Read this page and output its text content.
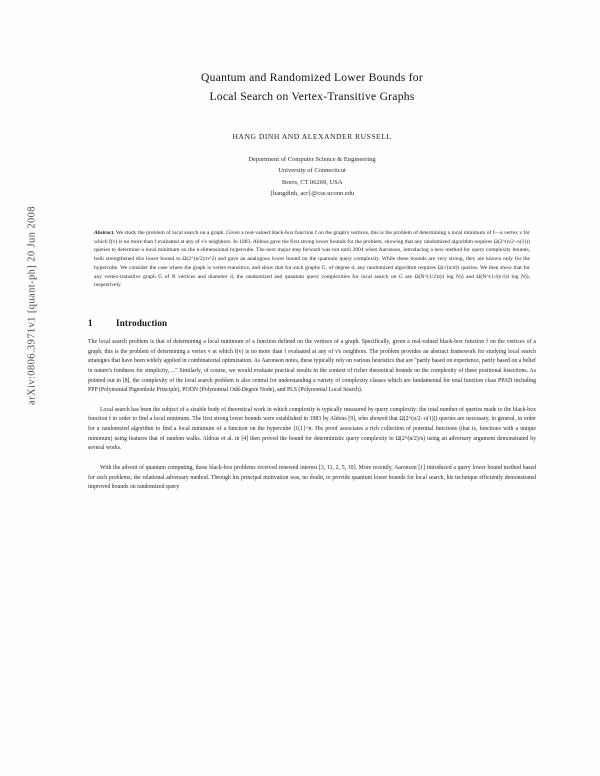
arXiv:0806.3971v1 [quant-ph] 20 Jun 2008
Quantum and Randomized Lower Bounds for
Local Search on Vertex-Transitive Graphs
HANG DINH AND ALEXANDER RUSSELL
Department of Computer Science & Engineering
University of Connecticut
Storrs, CT 06269, USA
{hangdinh, acr}@cse.uconn.edu
Abstract. We study the problem of local search on a graph. Given a real-valued black-box function f on the graph's vertices, this is the problem of determining a local minimum of f—a vertex v for which f(v) is no more than f evaluated at any of v's neighbors. In 1983, Aldous gave the first strong lower bounds for the problem, showing that any randomized algorithm requires Ω(2^(n/2−o(1))) queries to determine a local minimum on the n-dimensional hypercube. The next major step forward was not until 2004 when Aaronson, introducing a new method for query complexity bounds, both strengthened this lower bound to Ω(2^(n/2)/n^2) and gave an analogous lower bound on the quantum query complexity. While these bounds are very strong, they are known only for the hypercube. We consider the case where the graph is vertex-transitive, and show that for such graphs G, of degree d, any randomized algorithm requires Ω(√(n/d)) queries. We then show that for any vertex-transitive graph G of N vertices and diameter d, the randomized and quantum query complexities for local search on G are Ω(N^(1/2)/(d log N)) and Ω(N^(1/4)/√(d log N)), respectively.
1	Introduction
The local search problem is that of determining a local minimum of a function defined on the vertices of a graph. Specifically, given a real-valued black-box function f on the vertices of a graph, this is the problem of determining a vertex v at which f(v) is no more than f evaluated at any of v's neighbors. The problem provides an abstract framework for studying local search strategies that have been widely applied in combinatorial optimization. As Aaronson notes, these typically rely on various heuristics that are "partly based on experience, partly based on a belief in nature's fondness for simplicity, ..." Similarly, of course, we would evaluate practical results in the context of richer theoretical bounds on the complexity of these positional bisections. As pointed out in [8], the complexity of the local search problem is also central for understanding a variety of complexity classes which are fundamental for total function class PPAD including PPP (Polynomial Pigeonhole Principle), PODN (Polynomial Odd-Degree Node), and PLS (Polynomial Local Search).
Local search has been the subject of a sizable body of theoretical work in which complexity is typically measured by query complexity: the total number of queries made to the black-box function f in order to find a local minimum. The first strong lower bounds were established in 1983 by Aldous [9], who showed that Ω(2^(n/2−o(1))) queries are necessary, in general, in order for a randomized algorithm to find a local minimum of a function on the hypercube {0,1}^n. His proof associates a rich collection of potential functions (that is, functions with a unique minimum) using features that of random walks. Aldous et al. in [4] then proved the bound for deterministic query complexity to Ω(2^(n/2)/n) using an adversary argument demonstrated by several works.
With the advent of quantum computing, these black-box problems received renewed interest [3, 11, 2, 5, 10]. More recently, Aaronson [1] introduced a query lower bound method based for such problems; the relational adversary method. Through his principal motivation was, no doubt, to provide quantum lower bounds for local search, his technique efficiently demonstrated improved bounds on randomized query
